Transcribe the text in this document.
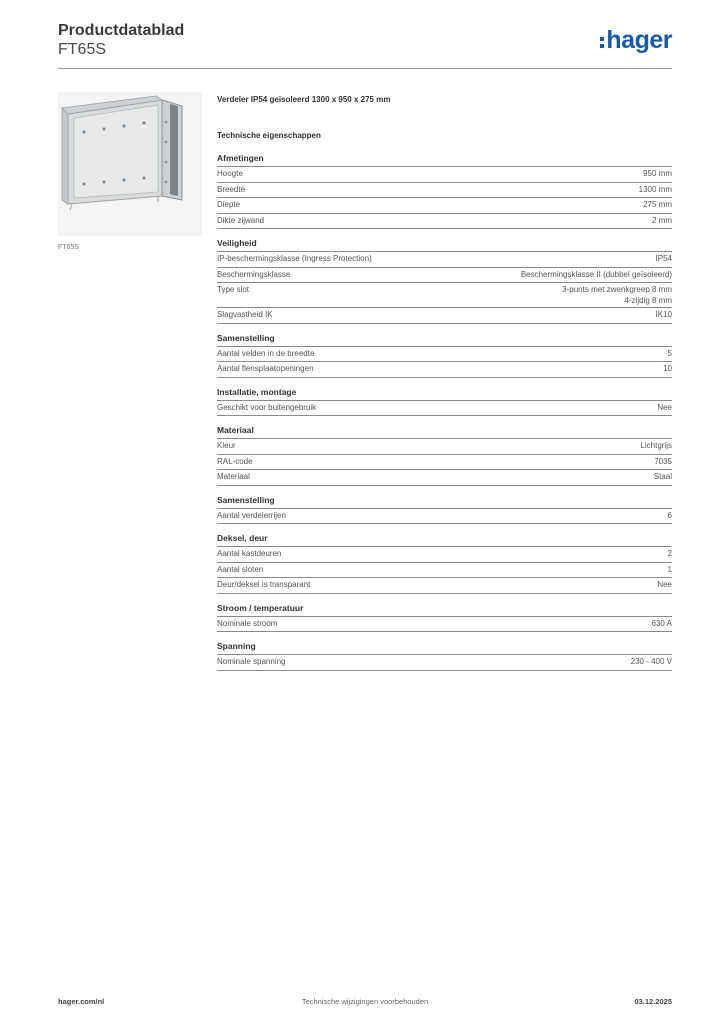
Productdatablad
FT65S	hager
FT65S
Verdeler IP54 geïsoleerd 1300 x 950 x 275 mm
Technische eigenschappen
Afmetingen
Hoogte	950 mm
Breedte	1300 mm
Diepte	275 mm
Dikte zijwand	2 mm
Veiligheid
IP-beschermingsklasse (Ingress Protection)	IP54
Beschermingsklasse	Beschermingsklasse II (dubbel geïsoleerd)
Type slot	3-punts met zwenkgreep 8 mm
4-zijdig 8 mm
Slagvastheid IK	IK10
Samenstelling
Aantal velden in de breedte	5
Aantal flensplaatopeningen	10
Installatie, montage
Geschikt voor buitengebruik	Nee
Materiaal
Kleur	Lichtgrijs
RAL-code	7035
Materiaal	Staal
Samenstelling
Aantal verdelerrijen	6
Deksel, deur
Aantal kastdeuren	2
Aantal sloten	1
Deur/deksel is transparant	Nee
Stroom / temperatuur
Nominale stroom	630 A
Spanning
Nominale spanning	230 - 400 V
hager.com/nl	Technische wijzigingen voorbehouden	03.12.2025
